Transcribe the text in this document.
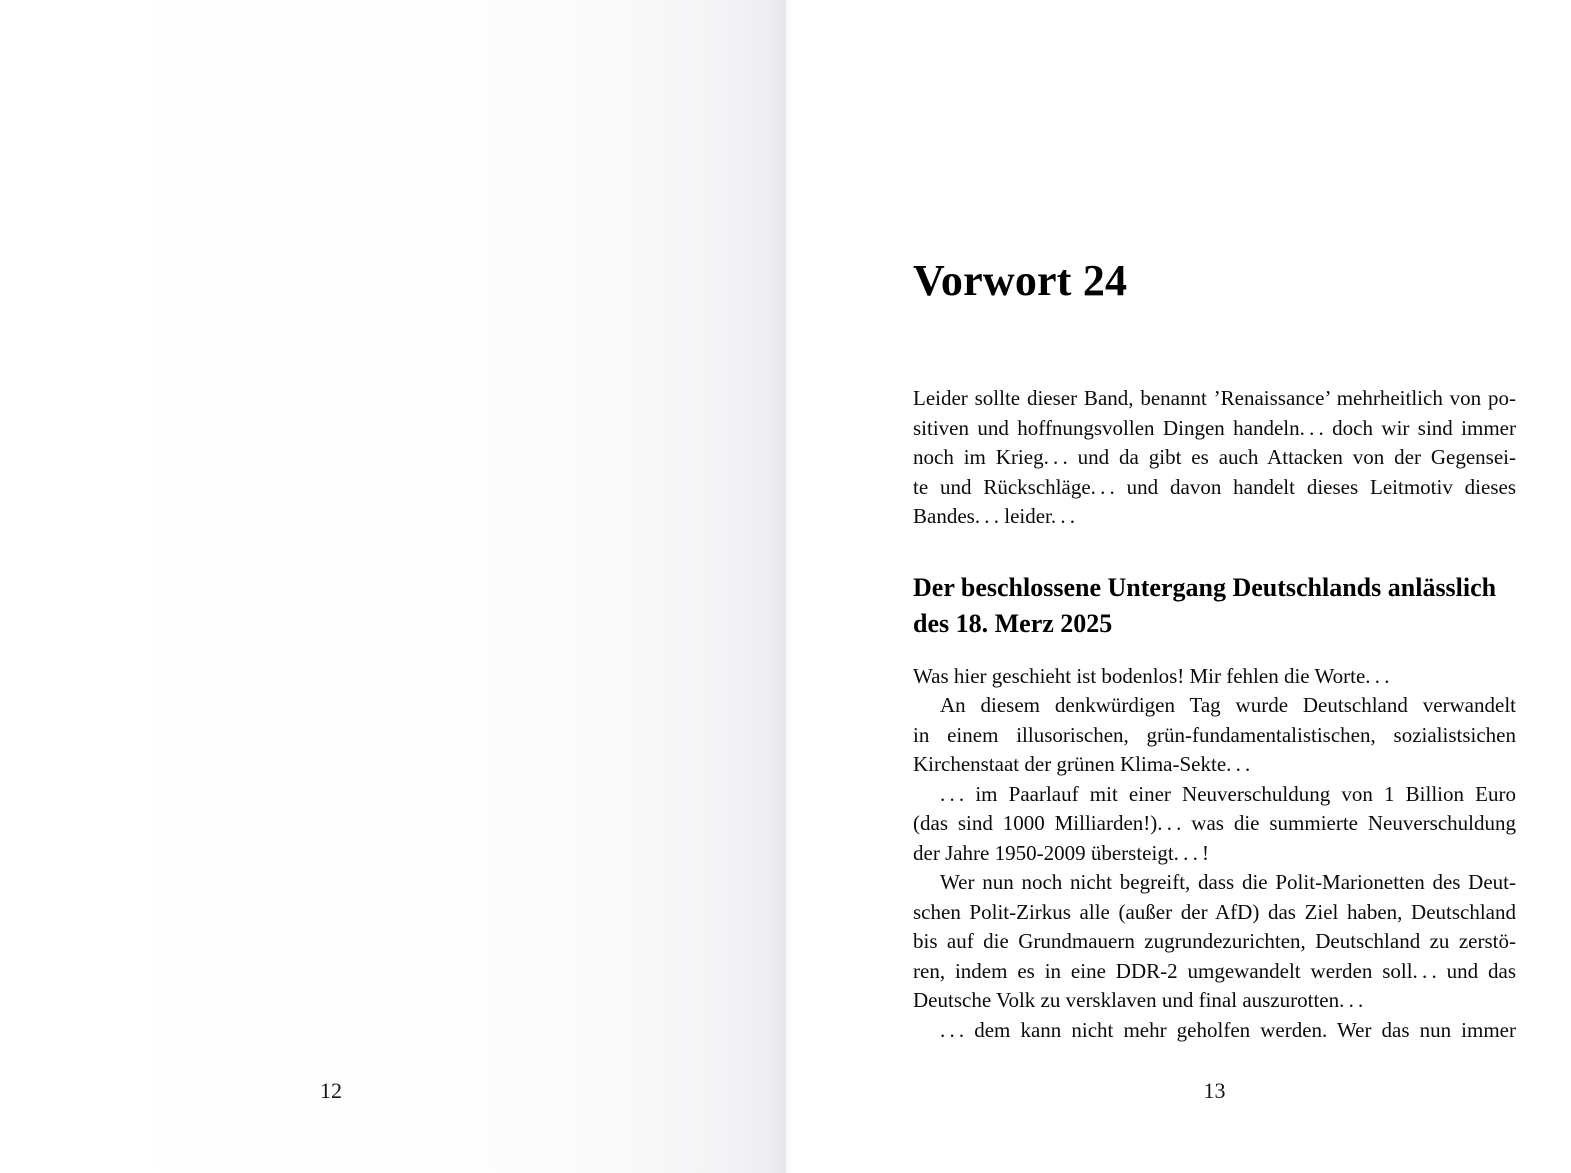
12
Vorwort 24
Leider sollte dieser Band, benannt ’Renaissance’ mehrheitlich von po-
sitiven und hoffnungsvollen Dingen handeln. . . doch wir sind immer
noch im Krieg. . . und da gibt es auch Attacken von der Gegensei-
te und Rückschläge. . . und davon handelt dieses Leitmotiv dieses
Bandes. . . leider. . .
Der beschlossene Untergang Deutschlands anlässlich
des 18. Merz 2025
Was hier geschieht ist bodenlos! Mir fehlen die Worte. . .
An diesem denkwürdigen Tag wurde Deutschland verwandelt
in einem illusorischen, grün-fundamentalistischen, sozialistsichen
Kirchenstaat der grünen Klima-Sekte. . .
. . . im Paarlauf mit einer Neuverschuldung von 1 Billion Euro
(das sind 1000 Milliarden!). . . was die summierte Neuverschuldung
der Jahre 1950-2009 übersteigt. . . !
Wer nun noch nicht begreift, dass die Polit-Marionetten des Deut-
schen Polit-Zirkus alle (außer der AfD) das Ziel haben, Deutschland
bis auf die Grundmauern zugrundezurichten, Deutschland zu zerstö-
ren, indem es in eine DDR-2 umgewandelt werden soll. . . und das
Deutsche Volk zu versklaven und final auszurotten. . .
. . . dem kann nicht mehr geholfen werden. Wer das nun immer
13
